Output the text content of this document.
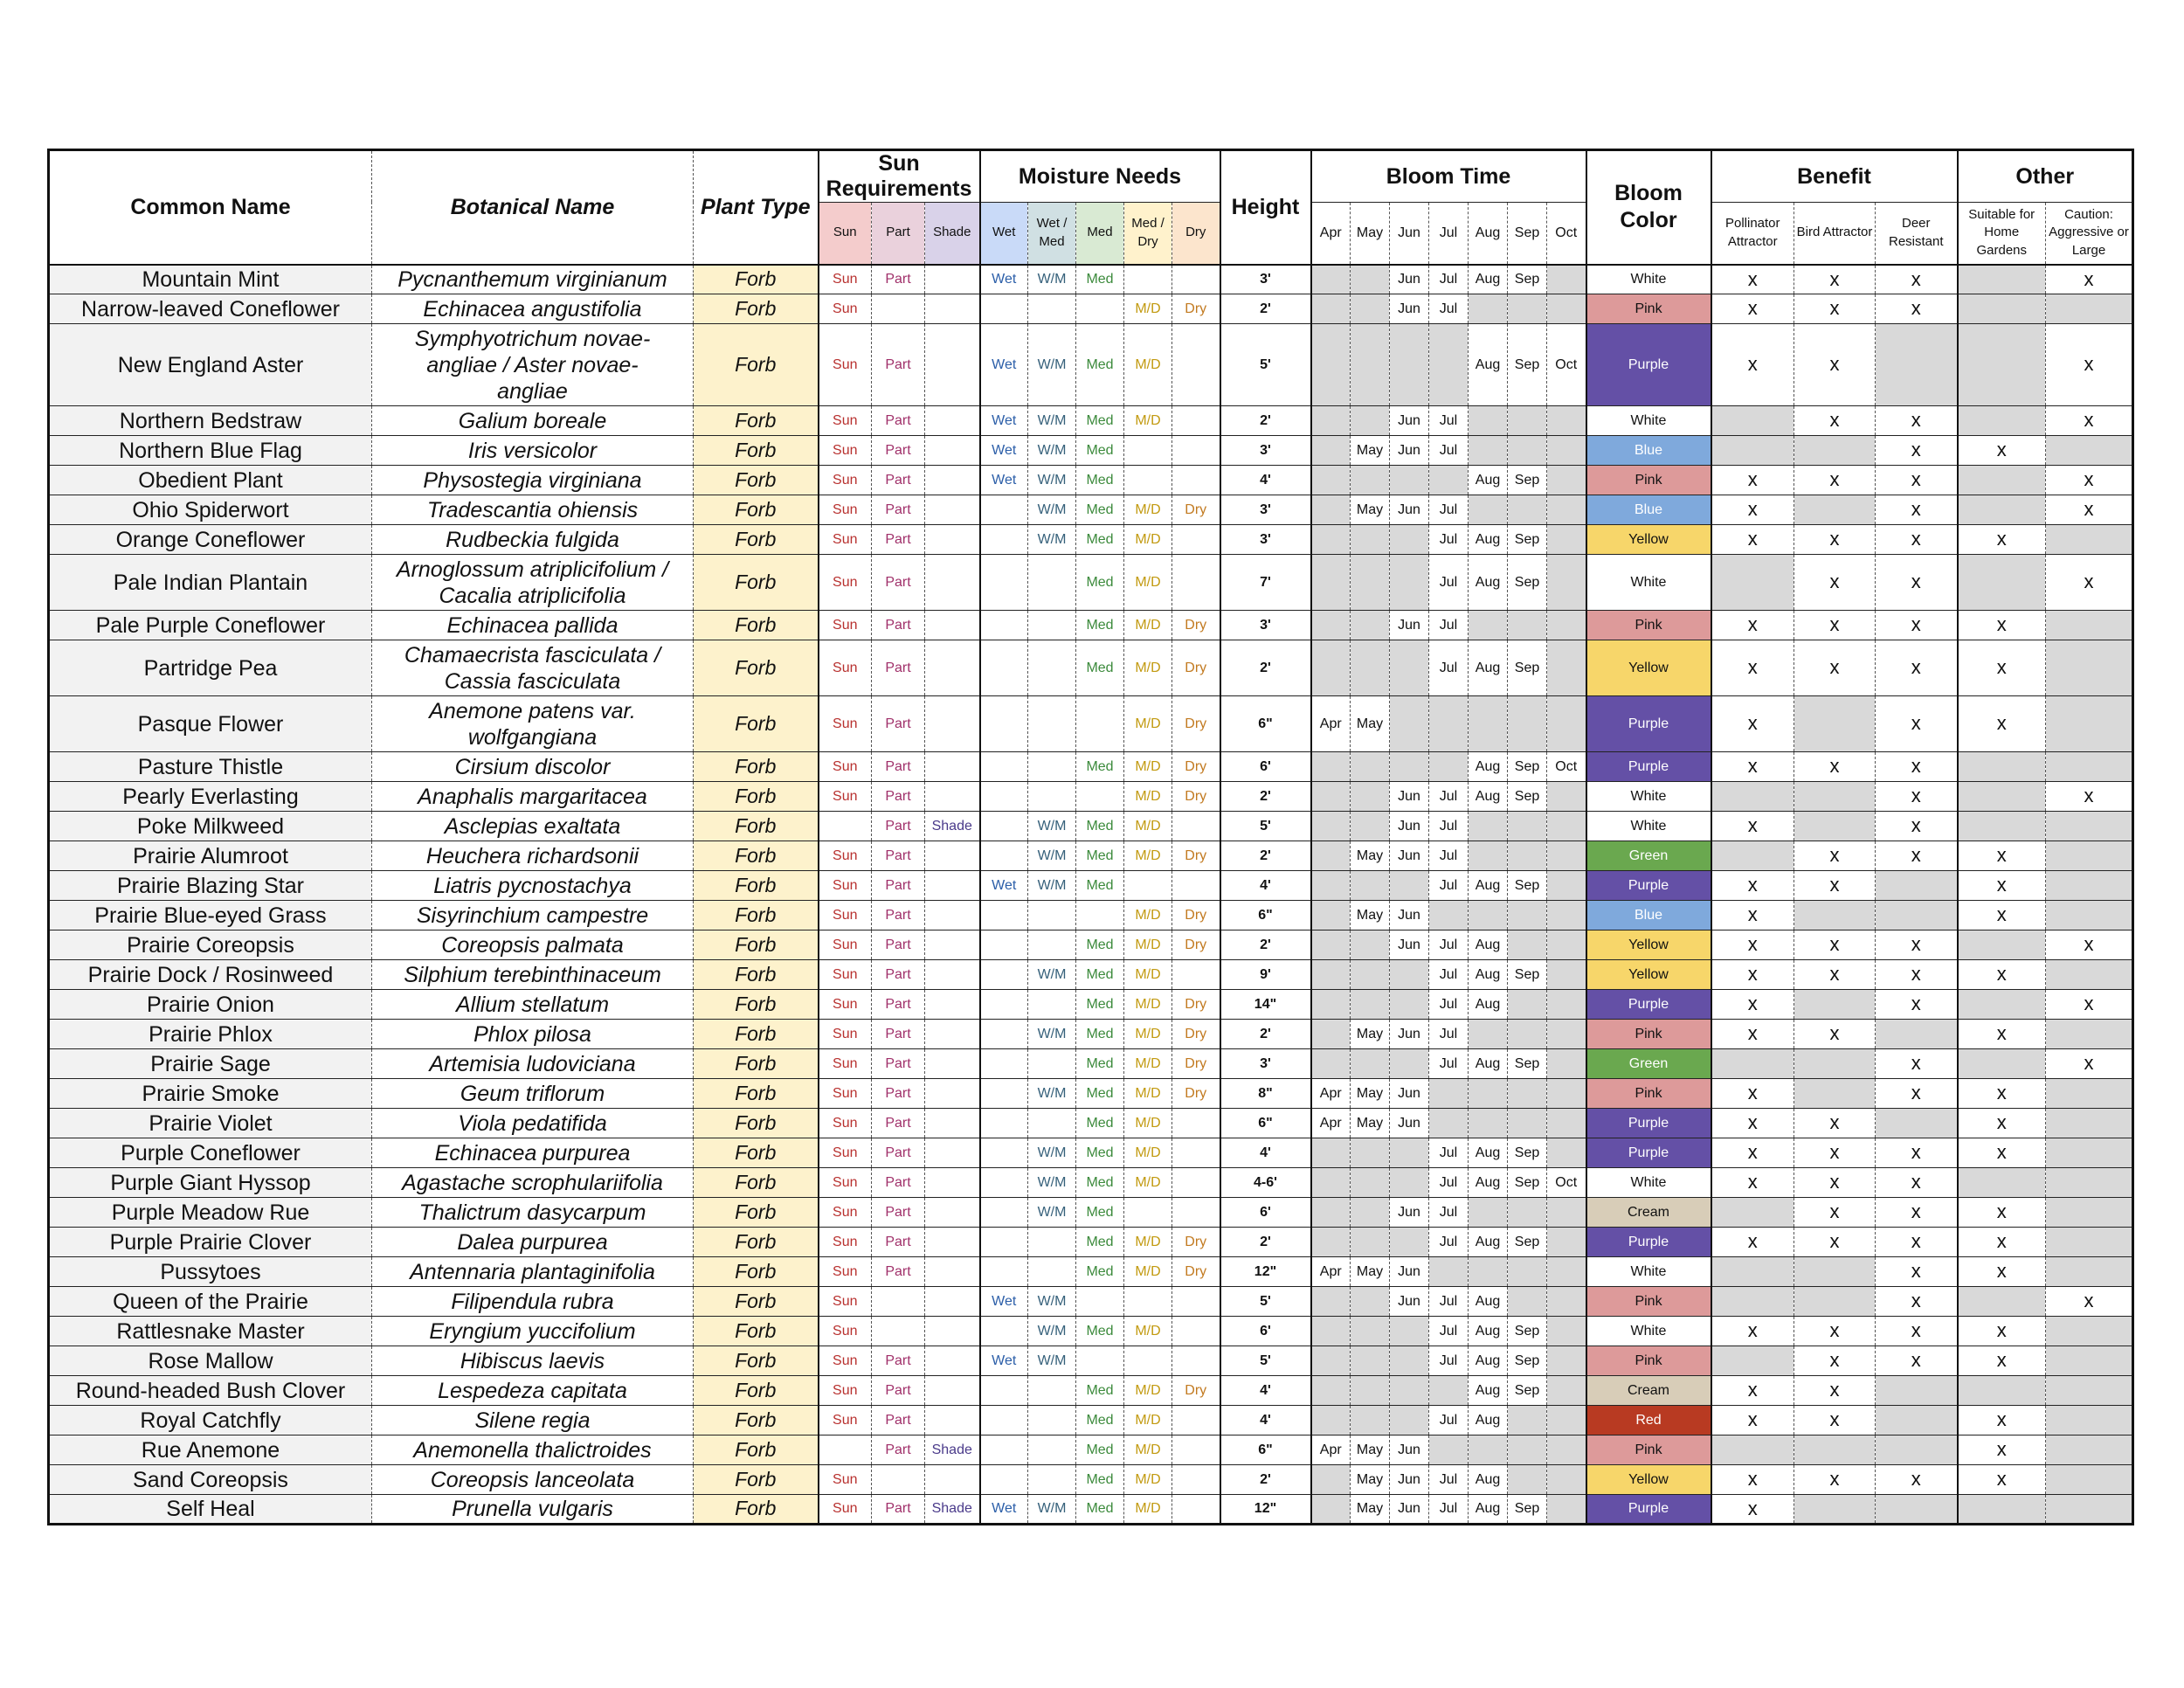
Common Name	Botanical Name	Plant Type	Sun Requirements			Moisture Needs					Height	Bloom Time							Bloom Color	Benefit			Other	
			Sun	Part	Shade	Wet	Wet / Med	Med	Med / Dry	Dry		Apr	May	Jun	Jul	Aug	Sep	Oct		Pollinator Attractor	Bird Attractor	Deer Resistant	Suitable for Home Gardens	Caution: Aggressive or Large
Mountain Mint	Pycnanthemum virginianum	Forb	Sun	Part		Wet	W/M	Med			3'			Jun	Jul	Aug	Sep		White	x	x	x		x
Narrow-leaved Coneflower	Echinacea angustifolia	Forb	Sun						M/D	Dry	2'			Jun	Jul				Pink	x	x	x		
New England Aster	Symphyotrichum novae-angliae / Aster novae-angliae	Forb	Sun	Part		Wet	W/M	Med	M/D		5'					Aug	Sep	Oct	Purple	x	x			x
Northern Bedstraw	Galium boreale	Forb	Sun	Part		Wet	W/M	Med	M/D		2'			Jun	Jul				White		x	x		x
Northern Blue Flag	Iris versicolor	Forb	Sun	Part		Wet	W/M	Med			3'		May	Jun	Jul				Blue			x	x	
Obedient Plant	Physostegia virginiana	Forb	Sun	Part		Wet	W/M	Med			4'					Aug	Sep		Pink	x	x	x		x
Ohio Spiderwort	Tradescantia ohiensis	Forb	Sun	Part			W/M	Med	M/D	Dry	3'		May	Jun	Jul				Blue	x		x		x
Orange Coneflower	Rudbeckia fulgida	Forb	Sun	Part			W/M	Med	M/D		3'				Jul	Aug	Sep		Yellow	x	x	x	x	
Pale Indian Plantain	Arnoglossum atriplicifolium / Cacalia atriplicifolia	Forb	Sun	Part				Med	M/D		7'				Jul	Aug	Sep		White		x	x		x
Pale Purple Coneflower	Echinacea pallida	Forb	Sun	Part				Med	M/D	Dry	3'			Jun	Jul				Pink	x	x	x	x	
Partridge Pea	Chamaecrista fasciculata / Cassia fasciculata	Forb	Sun	Part				Med	M/D	Dry	2'				Jul	Aug	Sep		Yellow	x	x	x	x	
Pasque Flower	Anemone patens var. wolfgangiana	Forb	Sun	Part					M/D	Dry	6"	Apr	May						Purple	x		x	x	
Pasture Thistle	Cirsium discolor	Forb	Sun	Part				Med	M/D	Dry	6'					Aug	Sep	Oct	Purple	x	x	x		
Pearly Everlasting	Anaphalis margaritacea	Forb	Sun	Part					M/D	Dry	2'			Jun	Jul	Aug	Sep		White			x		x
Poke Milkweed	Asclepias exaltata	Forb		Part	Shade		W/M	Med	M/D		5'			Jun	Jul				White	x		x		
Prairie Alumroot	Heuchera richardsonii	Forb	Sun	Part			W/M	Med	M/D	Dry	2'		May	Jun	Jul				Green		x	x	x	
Prairie Blazing Star	Liatris pycnostachya	Forb	Sun	Part		Wet	W/M	Med			4'				Jul	Aug	Sep		Purple	x	x		x	
Prairie Blue-eyed Grass	Sisyrinchium campestre	Forb	Sun	Part					M/D	Dry	6"		May	Jun					Blue	x			x	
Prairie Coreopsis	Coreopsis palmata	Forb	Sun	Part				Med	M/D	Dry	2'			Jun	Jul	Aug			Yellow	x	x	x		x
Prairie Dock / Rosinweed	Silphium terebinthinaceum	Forb	Sun	Part			W/M	Med	M/D		9'				Jul	Aug	Sep		Yellow	x	x	x	x	
Prairie Onion	Allium stellatum	Forb	Sun	Part				Med	M/D	Dry	14"				Jul	Aug			Purple	x		x		x
Prairie Phlox	Phlox pilosa	Forb	Sun	Part			W/M	Med	M/D	Dry	2'		May	Jun	Jul				Pink	x	x		x	
Prairie Sage	Artemisia ludoviciana	Forb	Sun	Part				Med	M/D	Dry	3'				Jul	Aug	Sep		Green			x		x
Prairie Smoke	Geum triflorum	Forb	Sun	Part			W/M	Med	M/D	Dry	8"	Apr	May	Jun					Pink	x		x	x	
Prairie Violet	Viola pedatifida	Forb	Sun	Part				Med	M/D		6"	Apr	May	Jun					Purple	x	x		x	
Purple Coneflower	Echinacea purpurea	Forb	Sun	Part			W/M	Med	M/D		4'				Jul	Aug	Sep		Purple	x	x	x	x	
Purple Giant Hyssop	Agastache scrophulariifolia	Forb	Sun	Part			W/M	Med	M/D		4-6'				Jul	Aug	Sep	Oct	White	x	x	x		
Purple Meadow Rue	Thalictrum dasycarpum	Forb	Sun	Part			W/M	Med			6'			Jun	Jul				Cream		x	x	x	
Purple Prairie Clover	Dalea purpurea	Forb	Sun	Part				Med	M/D	Dry	2'				Jul	Aug	Sep		Purple	x	x	x	x	
Pussytoes	Antennaria plantaginifolia	Forb	Sun	Part				Med	M/D	Dry	12"	Apr	May	Jun					White			x	x	
Queen of the Prairie	Filipendula rubra	Forb	Sun			Wet	W/M				5'			Jun	Jul	Aug			Pink			x		x
Rattlesnake Master	Eryngium yuccifolium	Forb	Sun				W/M	Med	M/D		6'				Jul	Aug	Sep		White	x	x	x	x	
Rose Mallow	Hibiscus laevis	Forb	Sun	Part		Wet	W/M				5'				Jul	Aug	Sep		Pink		x	x	x	
Round-headed Bush Clover	Lespedeza capitata	Forb	Sun	Part				Med	M/D	Dry	4'					Aug	Sep		Cream	x	x			
Royal Catchfly	Silene regia	Forb	Sun	Part				Med	M/D		4'				Jul	Aug			Red	x	x		x	
Rue Anemone	Anemonella thalictroides	Forb		Part	Shade			Med	M/D		6"	Apr	May	Jun					Pink				x	
Sand Coreopsis	Coreopsis lanceolata	Forb	Sun					Med	M/D		2'		May	Jun	Jul	Aug			Yellow	x	x	x	x	
Self Heal	Prunella vulgaris	Forb	Sun	Part	Shade	Wet	W/M	Med	M/D		12"		May	Jun	Jul	Aug	Sep		Purple	x				
